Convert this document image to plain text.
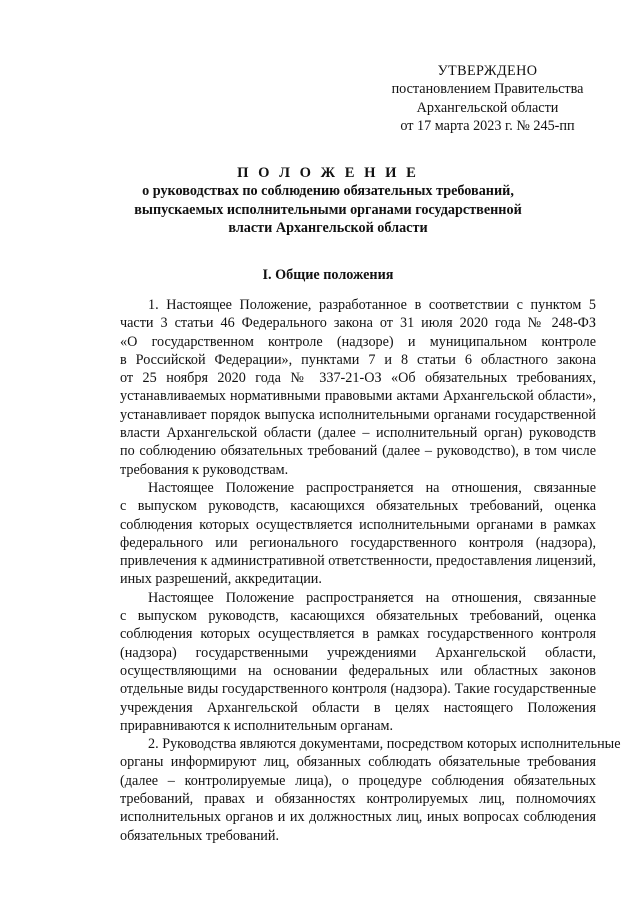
УТВЕРЖДЕНО
постановлением Правительства
Архангельской области
от 17 марта 2023 г. № 245-пп
П О Л О Ж Е Н И Е
о руководствах по соблюдению обязательных требований,
выпускаемых исполнительными органами государственной
власти Архангельской области
I. Общие положения
1. Настоящее Положение, разработанное в соответствии с пунктом 5
части 3 статьи 46 Федерального закона от 31 июля 2020 года № 248-ФЗ
«О государственном контроле (надзоре) и муниципальном контроле
в Российской Федерации», пунктами 7 и 8 статьи 6 областного закона
от 25 ноября 2020 года № 337-21-ОЗ «Об обязательных требованиях,
устанавливаемых нормативными правовыми актами Архангельской области»,
устанавливает порядок выпуска исполнительными органами государственной
власти Архангельской области (далее – исполнительный орган) руководств
по соблюдению обязательных требований (далее – руководство), в том числе
требования к руководствам.
Настоящее Положение распространяется на отношения, связанные
с выпуском руководств, касающихся обязательных требований, оценка
соблюдения которых осуществляется исполнительными органами в рамках
федерального или регионального государственного контроля (надзора),
привлечения к административной ответственности, предоставления лицензий,
иных разрешений, аккредитации.
Настоящее Положение распространяется на отношения, связанные
с выпуском руководств, касающихся обязательных требований, оценка
соблюдения которых осуществляется в рамках государственного контроля
(надзора) государственными учреждениями Архангельской области,
осуществляющими на основании федеральных или областных законов
отдельные виды государственного контроля (надзора). Такие государственные
учреждения Архангельской области в целях настоящего Положения
приравниваются к исполнительным органам.
2. Руководства являются документами, посредством которых исполнительные
органы информируют лиц, обязанных соблюдать обязательные требования
(далее – контролируемые лица), о процедуре соблюдения обязательных
требований, правах и обязанностях контролируемых лиц, полномочиях
исполнительных органов и их должностных лиц, иных вопросах соблюдения
обязательных требований.
